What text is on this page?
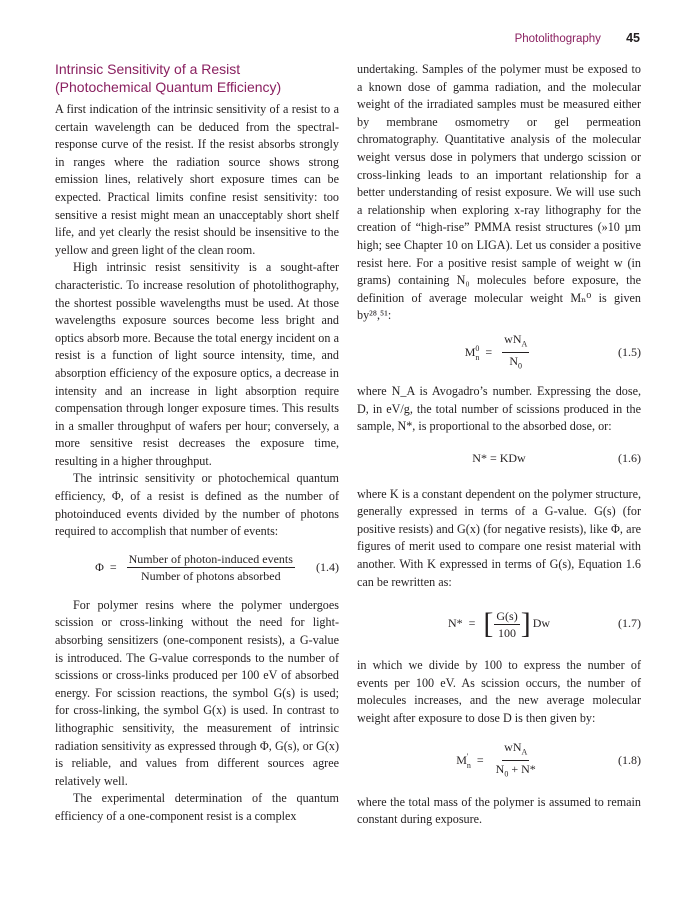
Photolithography 45
Intrinsic Sensitivity of a Resist
(Photochemical Quantum Efficiency)

A first indication of the intrinsic sensitivity of a resist to a certain wavelength can be deduced from the spectral-response curve of the resist. If the resist absorbs strongly in ranges where the radiation source shows strong emission lines, relatively short exposure times can be expected. Practical limits confine resist sensitivity: too sensitive a resist might mean an unacceptably short shelf life, and yet clearly the resist should be insensitive to the yellow and green light of the clean room.

High intrinsic resist sensitivity is a sought-after characteristic. To increase resolution of photolithography, the shortest possible wavelengths must be used. At those wavelengths exposure sources become less bright and optics absorb more. Because the total energy incident on a resist is a function of light source intensity, time, and absorption efficiency of the exposure optics, a decrease in intensity and an increase in light absorption require compensation through longer exposure times. This results in a smaller throughput of wafers per hour; conversely, a more sensitive resist decreases the exposure time, resulting in a higher throughput.

The intrinsic sensitivity or photochemical quantum efficiency, Φ, of a resist is defined as the number of photoinduced events divided by the number of photons required to accomplish that number of events:

$\Phi = \frac{\text{Number of photon-induced events}}{\text{Number of photons absorbed}} (1.4)$

For polymer resins where the polymer undergoes scission or cross-linking without the need for light-absorbing sensitizers (one-component resists), a G-value is introduced. The G-value corresponds to the number of scissions or cross-links produced per 100 eV of absorbed energy. For scission reactions, the symbol G(s) is used; for cross-linking, the symbol G(x) is used. In contrast to lithographic sensitivity, the measurement of intrinsic radiation sensitivity as expressed through Φ, G(s), or G(x) is reliable, and values from different sources agree relatively well.

The experimental determination of the quantum efficiency of a one-component resist is a complex

undertaking. Samples of the polymer must be exposed to a known dose of gamma radiation, and the molecular weight of the irradiated samples must be measured either by membrane osmometry or gel permeation chromatography. Quantitative analysis of the molecular weight versus dose in polymers that undergo scission or cross-linking leads to an important relationship for a better understanding of resist exposure. We will use such a relationship when exploring x-ray lithography for the creation of “high-rise” PMMA resist structures (»10 µm high; see Chapter 10 on LIGA). Let us consider a positive resist here. For a positive resist sample of weight w (in grams) containing N₀ molecules before exposure, the definition of average molecular weight Mₙ⁰ is given by²⁸,⁵¹:

M 0
$n = \frac{wN_A}{N_0}$	(1.5)

where N_A is Avogadro’s number. Expressing the dose, D, in eV/g, the total number of scissions produced in the sample, N*, is proportional to the absorbed dose, or:

N* = KDw	(1.6)

where K is a constant dependent on the polymer structure, generally expressed in terms of a G-value. G(s) (for positive resists) and G(x) (for negative resists), like Φ, are figures of merit used to compare one resist material with another. With K expressed in terms of G(s), Equation 1.6 can be rewritten as:

N* = [ $\frac{G(s)}{100}$ ] Dw	(1.7)

in which we divide by 100 to express the number of events per 100 eV. As scission occurs, the number of molecules increases, and the new average molecular weight after exposure to dose D is then given by:

M '
$n = \frac{wN_A}{N_0 + N*}$	(1.8)

where the total mass of the polymer is assumed to remain constant during exposure.
